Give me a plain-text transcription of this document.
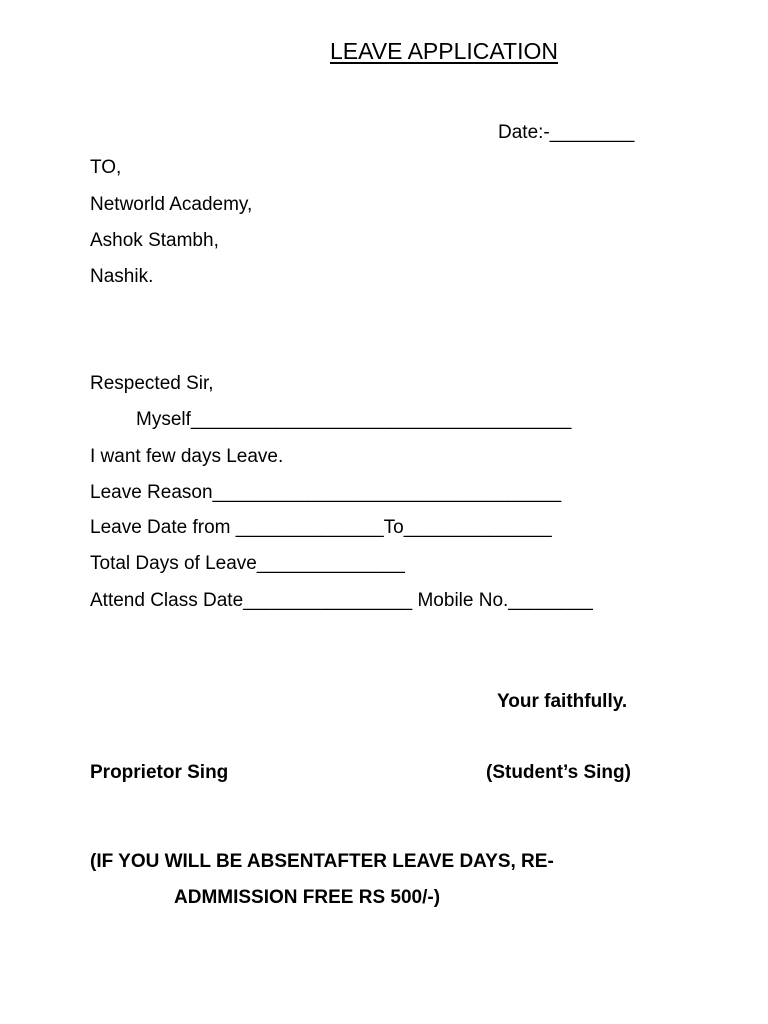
LEAVE APPLICATION
Date:-________
TO,
Networld Academy,
Ashok Stambh,
Nashik.
Respected Sir,
Myself____________________________________
I want few days Leave.
Leave Reason_________________________________
Leave Date from ______________To______________
Total Days of Leave______________
Attend Class Date________________ Mobile No.________
Your faithfully.
Proprietor Sing	(Student’s Sing)
(IF YOU WILL BE ABSENTAFTER LEAVE DAYS, RE-
ADMMISSION FREE RS 500/-)
